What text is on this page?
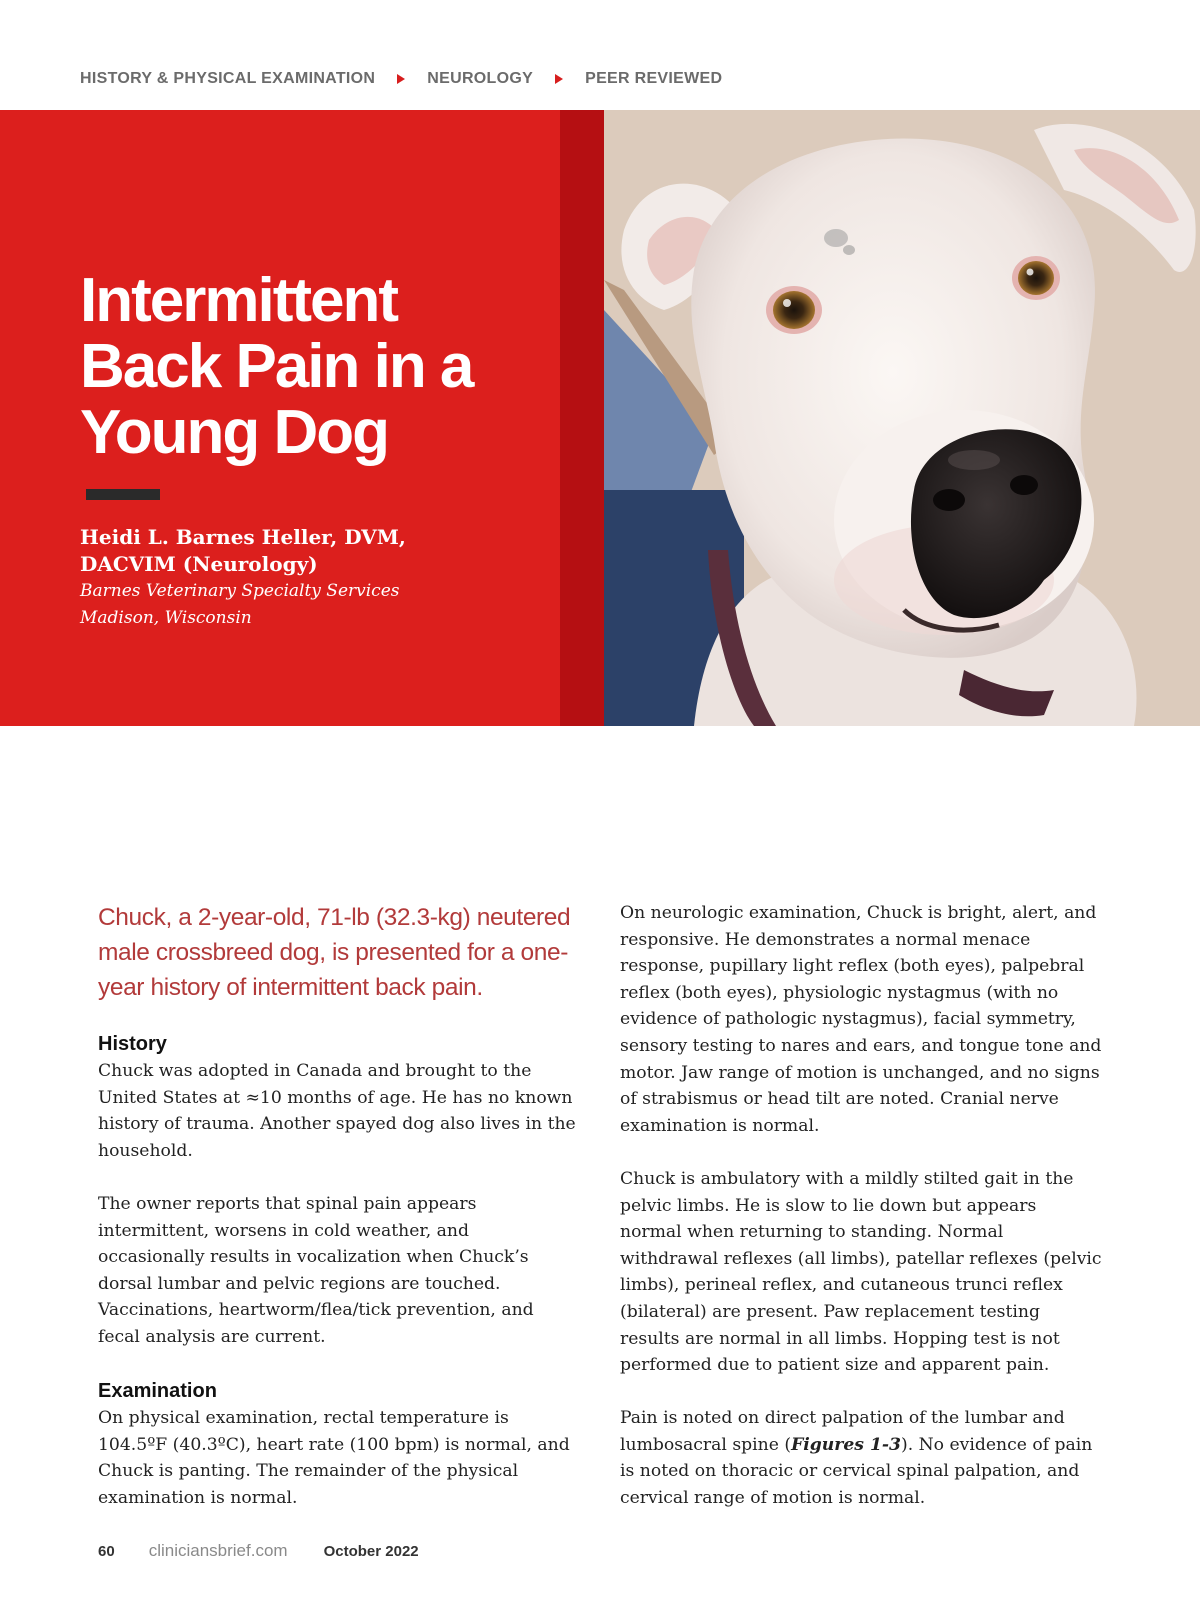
HISTORY & PHYSICAL EXAMINATION	NEUROLOGY	PEER REVIEWED
Intermittent
Back Pain in a
Young Dog
Heidi L. Barnes Heller, DVM,
DACVIM (Neurology)
Barnes Veterinary Specialty Services
Madison, Wisconsin
Chuck, a 2-year-old, 71-lb (32.3-kg) neutered male crossbreed dog, is presented for a one-year history of intermittent back pain.
History

Chuck was adopted in Canada and brought to the United States at ≈10 months of age. He has no known history of trauma. Another spayed dog also lives in the household.

The owner reports that spinal pain appears intermittent, worsens in cold weather, and occasionally results in vocalization when Chuck’s dorsal lumbar and pelvic regions are touched. Vaccinations, heartworm/flea/tick prevention, and fecal analysis are current.

Examination

On physical examination, rectal temperature is 104.5ºF (40.3ºC), heart rate (100 bpm) is normal, and Chuck is panting. The remainder of the physical examination is normal.

On neurologic examination, Chuck is bright, alert, and responsive. He demonstrates a normal menace response, pupillary light reflex (both eyes), palpebral reflex (both eyes), physiologic nystagmus (with no evidence of pathologic nystagmus), facial symmetry, sensory testing to nares and ears, and tongue tone and motor. Jaw range of motion is unchanged, and no signs of strabismus or head tilt are noted. Cranial nerve examination is normal.

Chuck is ambulatory with a mildly stilted gait in the pelvic limbs. He is slow to lie down but appears normal when returning to standing. Normal withdrawal reflexes (all limbs), patellar reflexes (pelvic limbs), perineal reflex, and cutaneous trunci reflex (bilateral) are present. Paw replacement testing results are normal in all limbs. Hopping test is not performed due to patient size and apparent pain.

Pain is noted on direct palpation of the lumbar and lumbosacral spine (Figures 1-3). No evidence of pain is noted on thoracic or cervical spinal palpation, and cervical range of motion is normal.

60 cliniciansbrief.com October 2022
